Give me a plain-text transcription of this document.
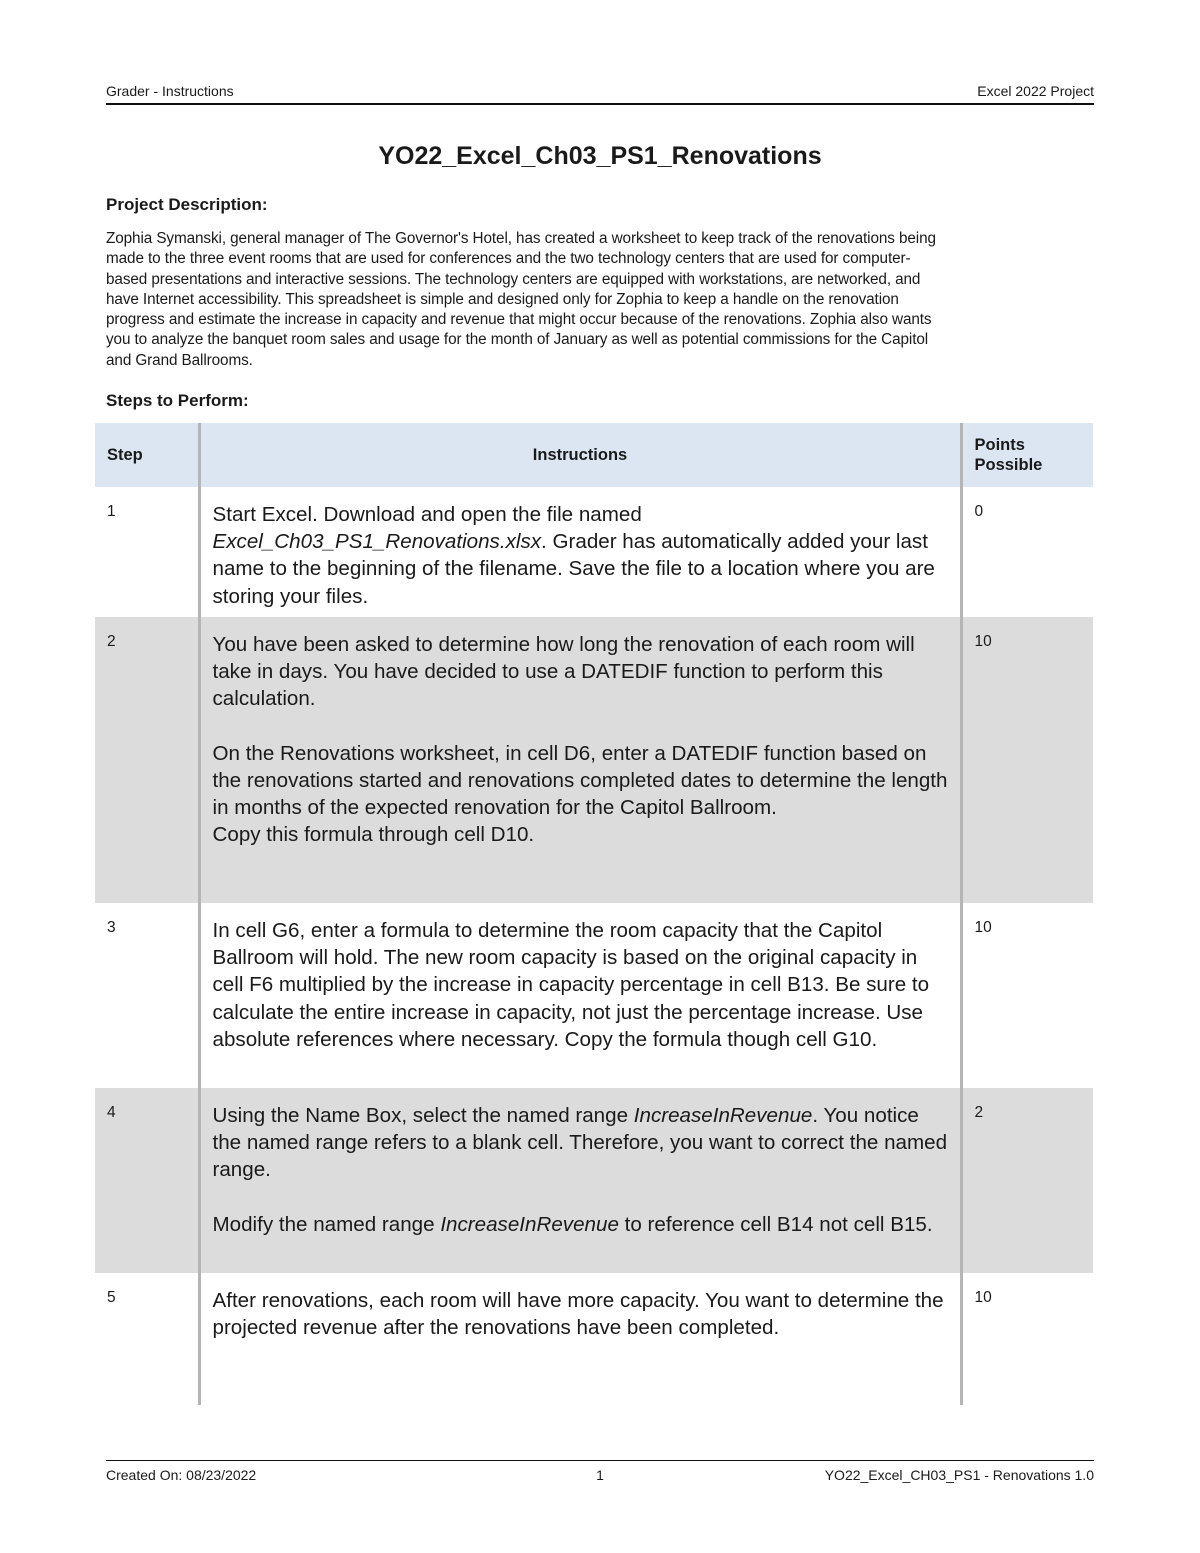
Grader - Instructions	Excel 2022 Project
YO22_Excel_Ch03_PS1_Renovations
Project Description:
Zophia Symanski, general manager of The Governor's Hotel, has created a worksheet to keep track of the renovations being
made to the three event rooms that are used for conferences and the two technology centers that are used for computer-
based presentations and interactive sessions. The technology centers are equipped with workstations, are networked, and
have Internet accessibility. This spreadsheet is simple and designed only for Zophia to keep a handle on the renovation
progress and estimate the increase in capacity and revenue that might occur because of the renovations. Zophia also wants
you to analyze the banquet room sales and usage for the month of January as well as potential commissions for the Capitol
and Grand Ballrooms.
Steps to Perform:
Step	Instructions	Points
Possible

1	Start Excel. Download and open the file named
Excel_Ch03_PS1_Renovations.xlsx. Grader has automatically added your last name to the beginning of the filename. Save the file to a location where you are storing your files.	0
2	You have been asked to determine how long the renovation of each room will take in days. You have decided to use a DATEDIF function to perform this calculation.
On the Renovations worksheet, in cell D6, enter a DATEDIF function based on the renovations started and renovations completed dates to determine the length in months of the expected renovation for the Capitol Ballroom.
Copy this formula through cell D10.	10
3	In cell G6, enter a formula to determine the room capacity that the Capitol Ballroom will hold. The new room capacity is based on the original capacity in cell F6 multiplied by the increase in capacity percentage in cell B13. Be sure to calculate the entire increase in capacity, not just the percentage increase. Use absolute references where necessary. Copy the formula though cell G10.	10
4	Using the Name Box, select the named range IncreaseInRevenue. You notice the named range refers to a blank cell. Therefore, you want to correct the named range.
Modify the named range IncreaseInRevenue to reference cell B14 not cell B15.	2
5	After renovations, each room will have more capacity. You want to determine the projected revenue after the renovations have been completed.	10
Created On: 08/23/2022	1	YO22_Excel_CH03_PS1 - Renovations 1.0
